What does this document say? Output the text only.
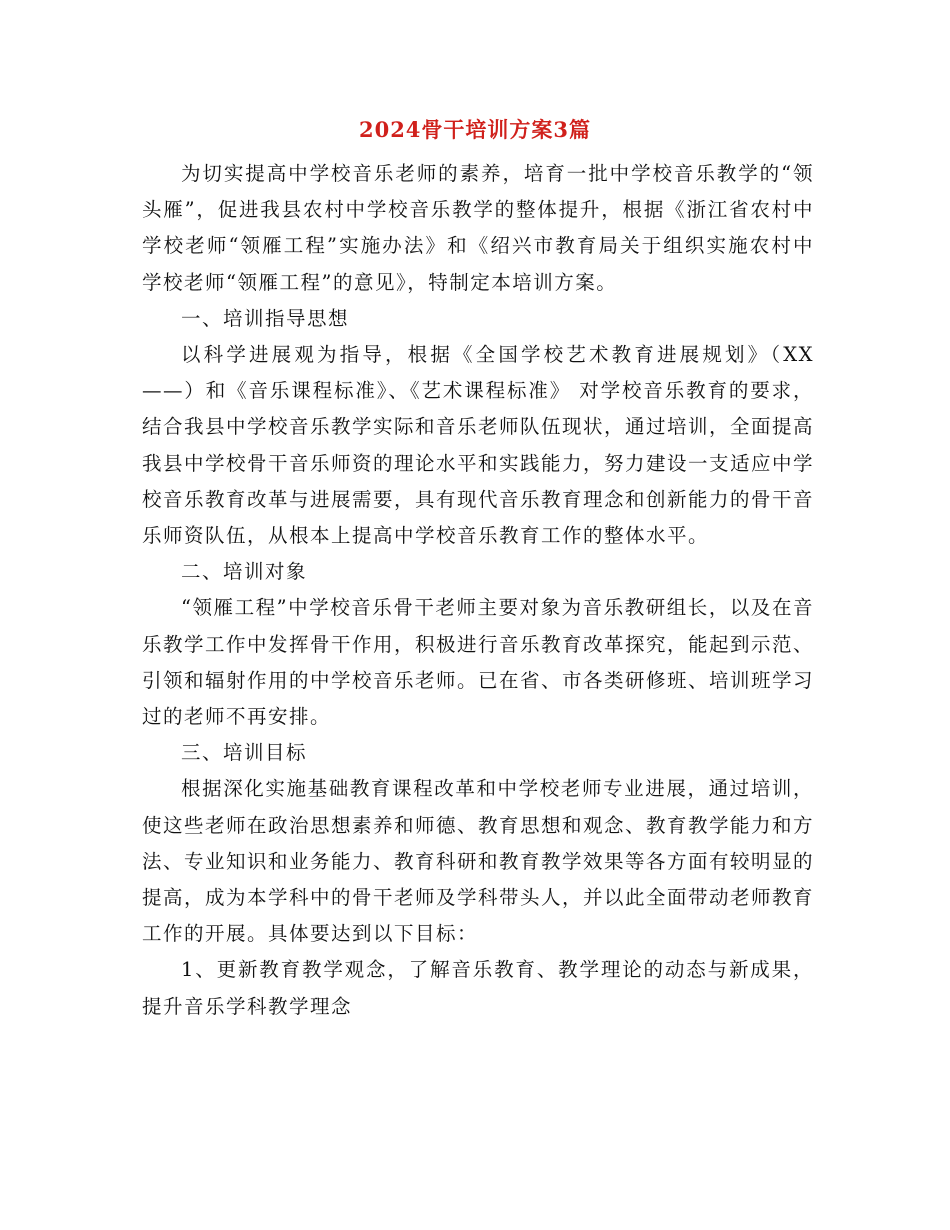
2024骨干培训方案3篇

为切实提高中学校音乐老师的素养，培育一批中学校音乐教学的“领头雁”，促进我县农村中学校音乐教学的整体提升，根据《浙江省农村中学校老师“领雁工程”实施办法》和《绍兴市教育局关于组织实施农村中学校老师“领雁工程”的意见》，特制定本培训方案。

一、培训指导思想

以科学进展观为指导，根据《全国学校艺术教育进展规划》（XX——）和《音乐课程标准》、《艺术课程标准》 对学校音乐教育的要求，结合我县中学校音乐教学实际和音乐老师队伍现状，通过培训，全面提高我县中学校骨干音乐师资的理论水平和实践能力，努力建设一支适应中学校音乐教育改革与进展需要，具有现代音乐教育理念和创新能力的骨干音乐师资队伍，从根本上提高中学校音乐教育工作的整体水平。

二、培训对象

“领雁工程”中学校音乐骨干老师主要对象为音乐教研组长，以及在音乐教学工作中发挥骨干作用，积极进行音乐教育改革探究，能起到示范、引领和辐射作用的中学校音乐老师。已在省、市各类研修班、培训班学习过的老师不再安排。

三、培训目标

根据深化实施基础教育课程改革和中学校老师专业进展，通过培训，使这些老师在政治思想素养和师德、教育思想和观念、教育教学能力和方法、专业知识和业务能力、教育科研和教育教学效果等各方面有较明显的提高，成为本学科中的骨干老师及学科带头人，并以此全面带动老师教育工作的开展。具体要达到以下目标：

1、更新教育教学观念，了解音乐教育、教学理论的动态与新成果，提升音乐学科教学理念
